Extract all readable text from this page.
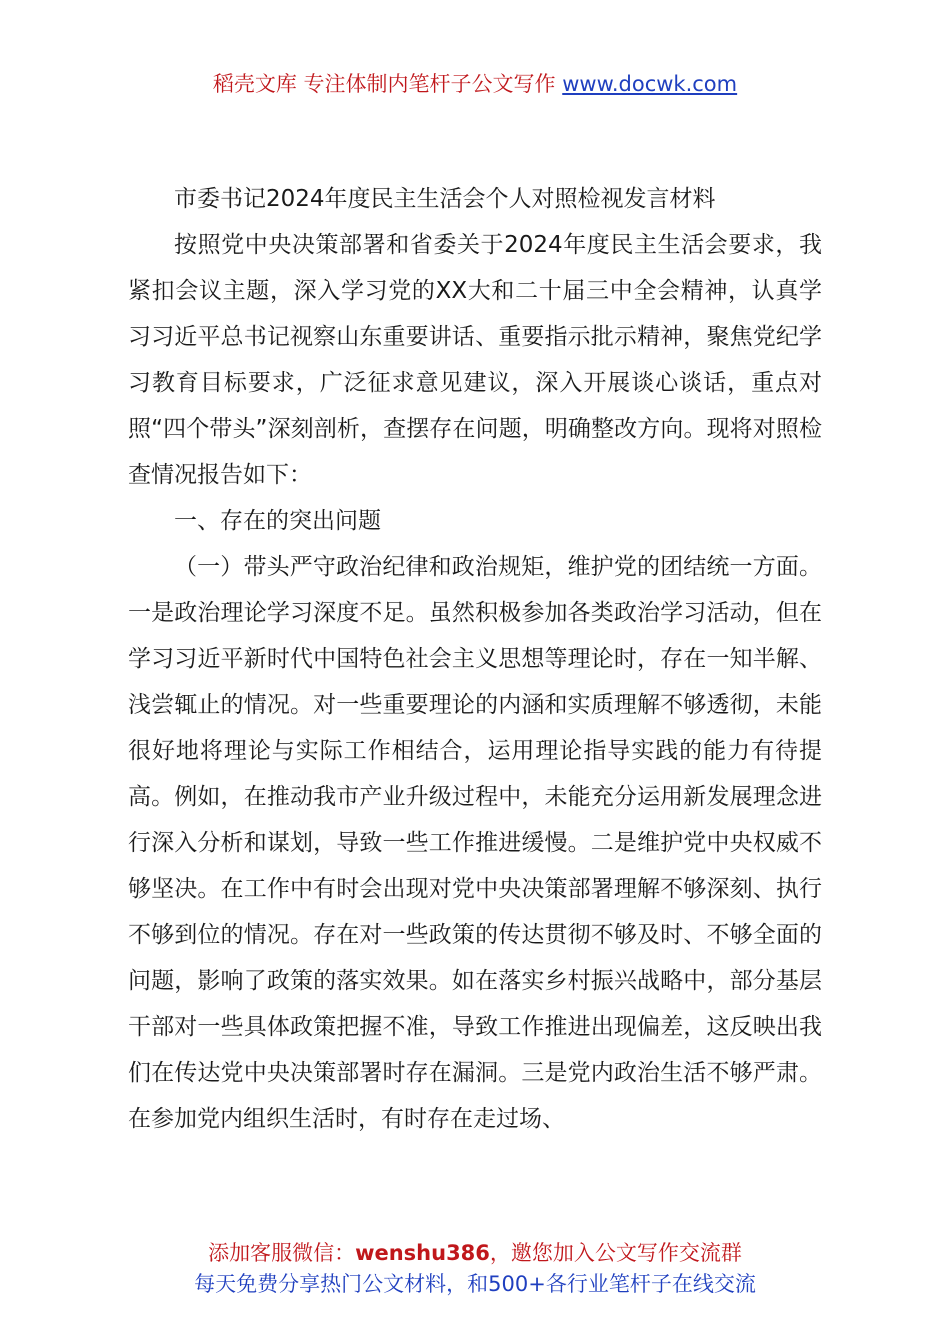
稻壳文库 专注体制内笔杆子公文写作 www.docwk.com

市委书记2024年度民主生活会个人对照检视发言材料

按照党中央决策部署和省委关于2024年度民主生活会要求，我紧扣会议主题，深入学习党的XX大和二十届三中全会精神，认真学习习近平总书记视察山东重要讲话、重要指示批示精神，聚焦党纪学习教育目标要求，广泛征求意见建议，深入开展谈心谈话，重点对照“四个带头”深刻剖析，查摆存在问题，明确整改方向。现将对照检查情况报告如下：

一、存在的突出问题

（一）带头严守政治纪律和政治规矩，维护党的团结统一方面。一是政治理论学习深度不足。虽然积极参加各类政治学习活动，但在学习习近平新时代中国特色社会主义思想等理论时，存在一知半解、浅尝辄止的情况。对一些重要理论的内涵和实质理解不够透彻，未能很好地将理论与实际工作相结合，运用理论指导实践的能力有待提高。例如，在推动我市产业升级过程中，未能充分运用新发展理念进行深入分析和谋划，导致一些工作推进缓慢。二是维护党中央权威不够坚决。在工作中有时会出现对党中央决策部署理解不够深刻、执行不够到位的情况。存在对一些政策的传达贯彻不够及时、不够全面的问题，影响了政策的落实效果。如在落实乡村振兴战略中，部分基层干部对一些具体政策把握不准，导致工作推进出现偏差，这反映出我们在传达党中央决策部署时存在漏洞。三是党内政治生活不够严肃。在参加党内组织生活时，有时存在走过场、

添加客服微信：wenshu386，邀您加入公文写作交流群
每天免费分享热门公文材料，和500+各行业笔杆子在线交流
